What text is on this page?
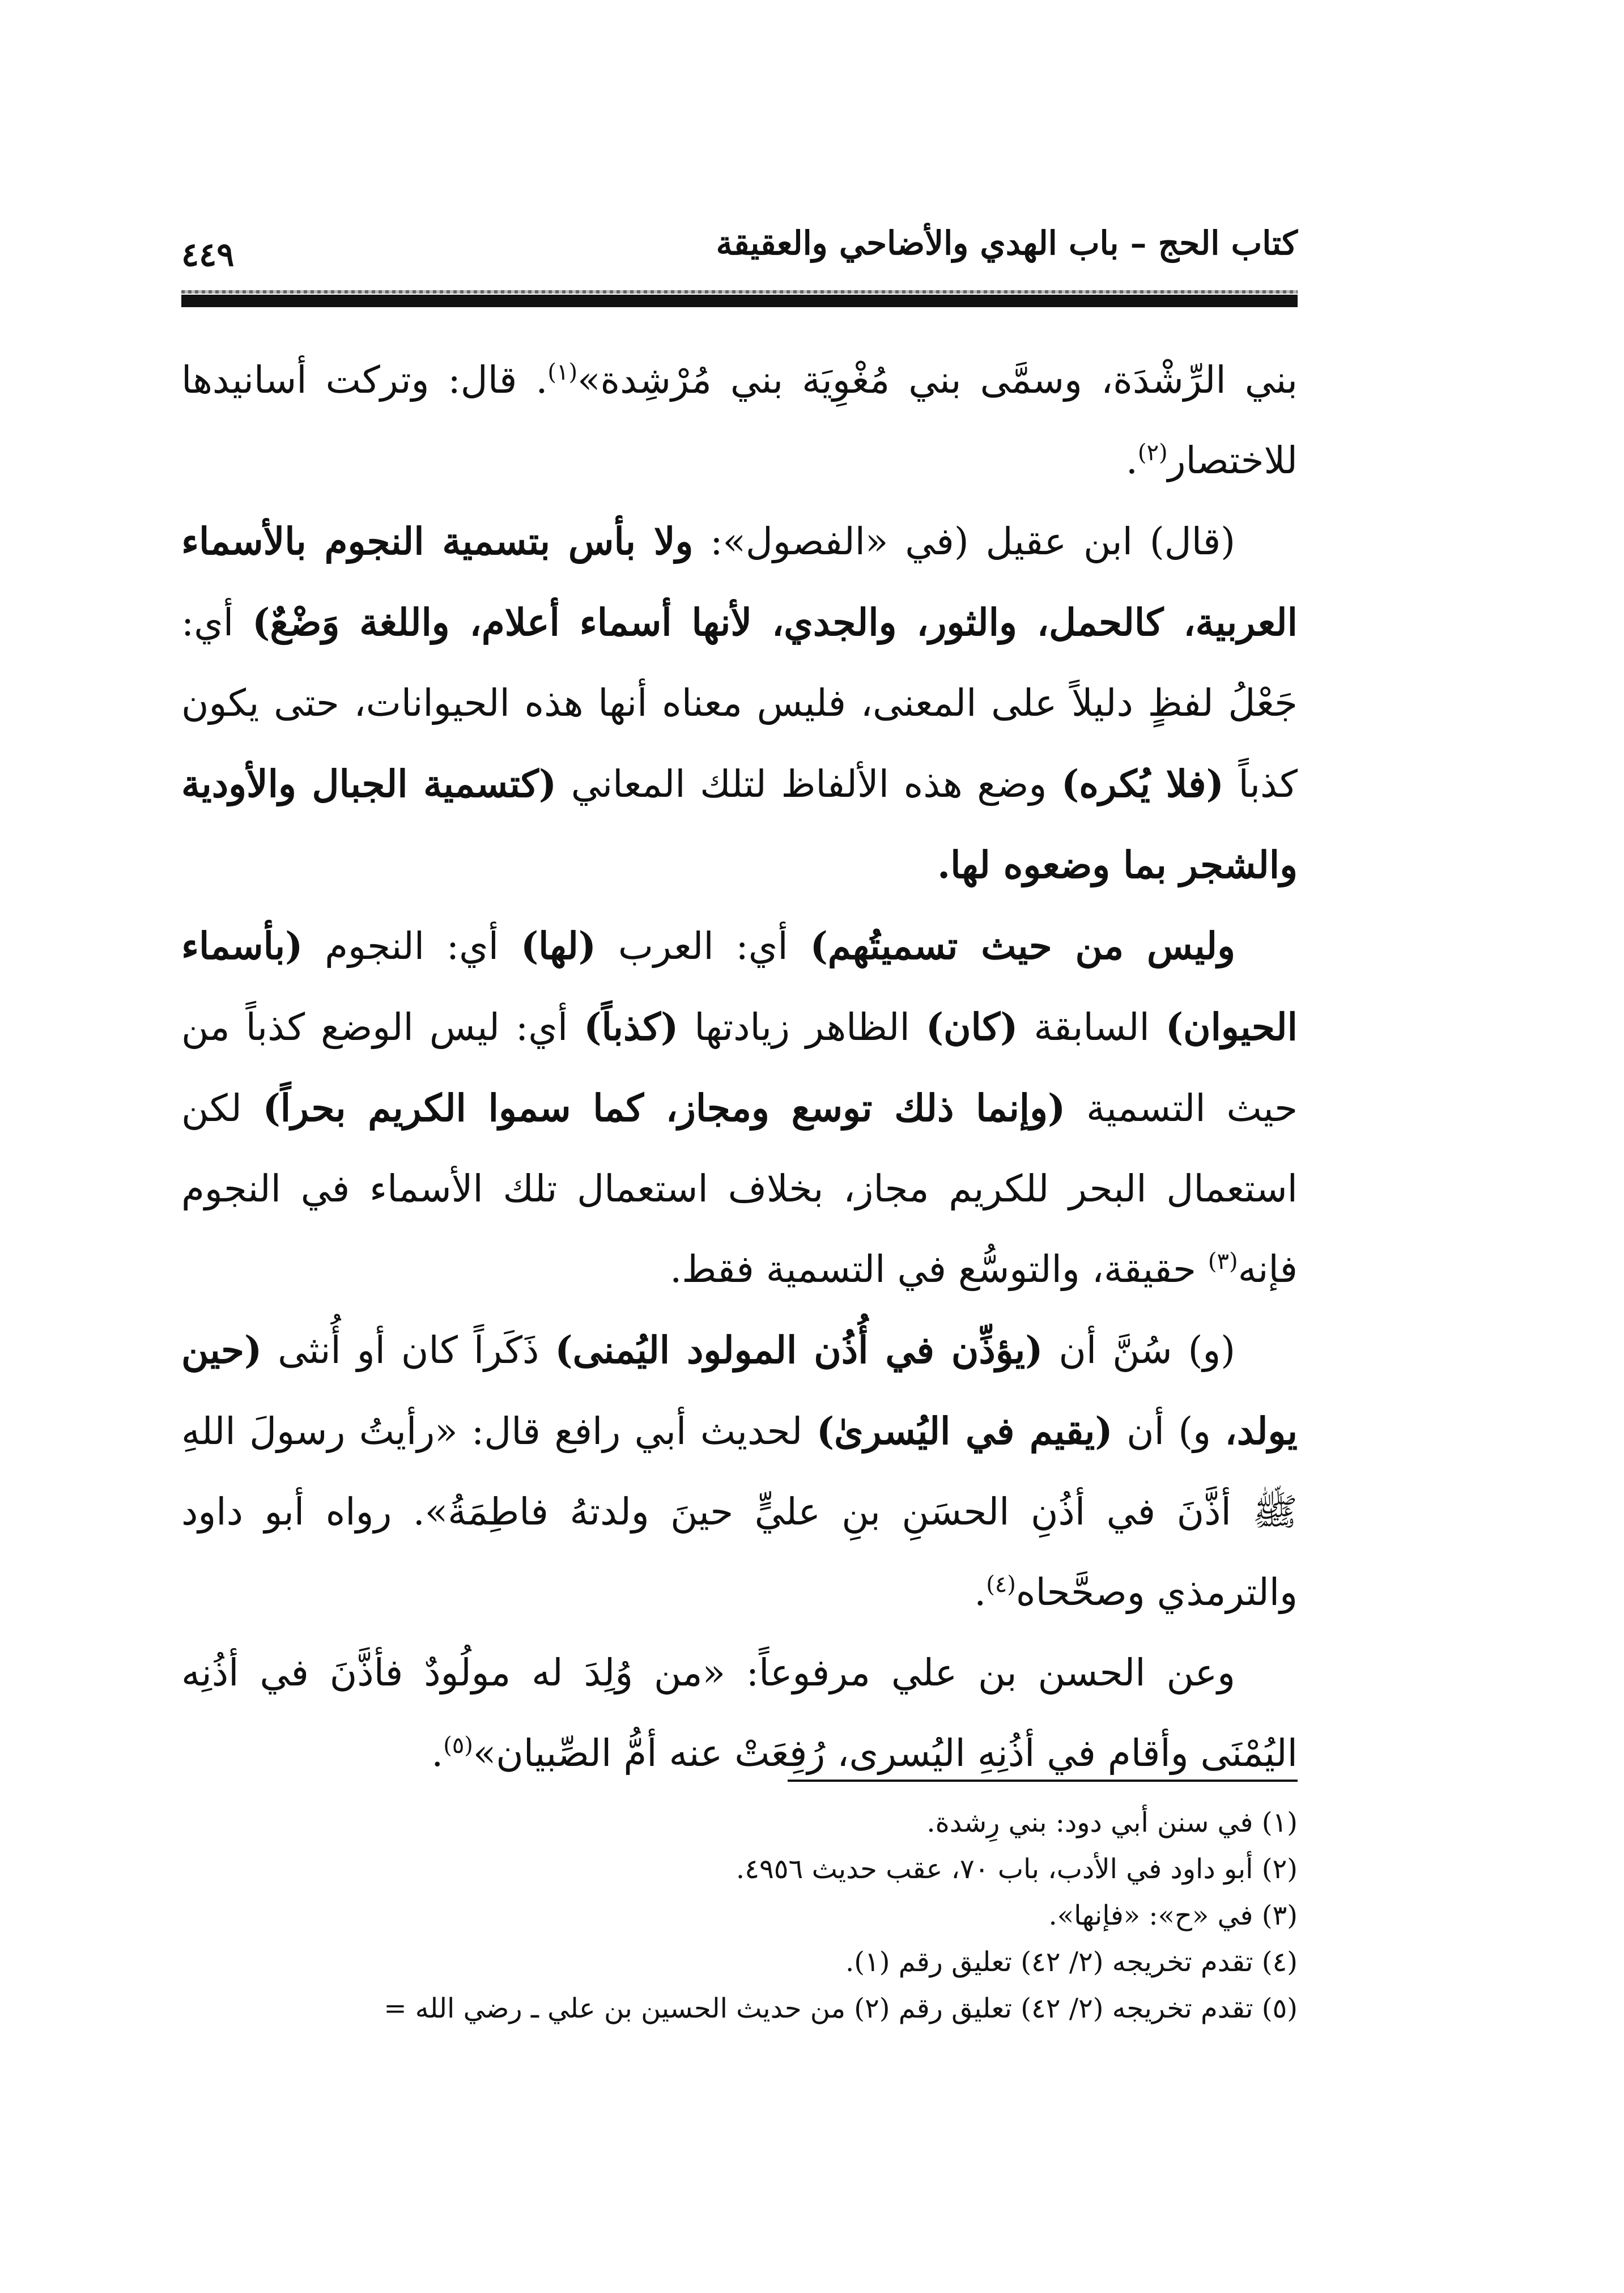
كتاب الحج – باب الهدي والأضاحي والعقيقة
٤٤٩

بني الرِّشْدَة، وسمَّى بني مُغْوِيَة بني مُرْشِدة»$^{(١)}$. قال: وتركت أسانيدها للاختصار$^{(٢)}$.

(قال) ابن عقيل (في «الفصول»: ولا بأس بتسمية النجوم بالأسماء العربية، كالحمل، والثور، والجدي، لأنها أسماء أعلام، واللغة وَضْعٌ) أي: جَعْلُ لفظٍ دليلاً على المعنى، فليس معناه أنها هذه الحيوانات، حتى يكون كذباً (فلا يُكره) وضع هذه الألفاظ لتلك المعاني (كتسمية الجبال والأودية والشجر بما وضعوه لها.

وليس من حيث تسميتُهم) أي: العرب (لها) أي: النجوم (بأسماء الحيوان) السابقة (كان) الظاهر زيادتها (كذباً) أي: ليس الوضع كذباً من حيث التسمية (وإنما ذلك توسع ومجاز، كما سموا الكريم بحراً) لكن استعمال البحر للكريم مجاز، بخلاف استعمال تلك الأسماء في النجوم فإنه$^{(٣)}$ حقيقة، والتوسُّع في التسمية فقط.

(و) سُنَّ أن (يؤذِّن في أُذُن المولود اليُمنى) ذَكَراً كان أو أُنثى (حين يولد، و) أن (يقيم في اليُسرىٰ) لحديث أبي رافع قال: «رأيتُ رسولَ اللهِ ﷺ أذَّنَ في أذُنِ الحسَنِ بنِ عليٍّ حينَ ولدتهُ فاطِمَةُ». رواه أبو داود والترمذي وصحَّحاه$^{(٤)}$.

وعن الحسن بن علي مرفوعاً: «من وُلِدَ له مولُودٌ فأذَّنَ في أذُنِه اليُمْنَى وأقام في أذُنِهِ اليُسرى، رُفِعَتْ عنه أمُّ الصِّبيان»$^{(٥)}$.

(١) في سنن أبي دود: بني رِشدة.
(٢) أبو داود في الأدب، باب ٧٠، عقب حديث ٤٩٥٦.
(٣) في «ح»: «فإنها».
(٤) تقدم تخريجه (٢/ ٤٢) تعليق رقم (١).
(٥) تقدم تخريجه (٢/ ٤٢) تعليق رقم (٢) من حديث الحسين بن علي ـ رضي الله =
